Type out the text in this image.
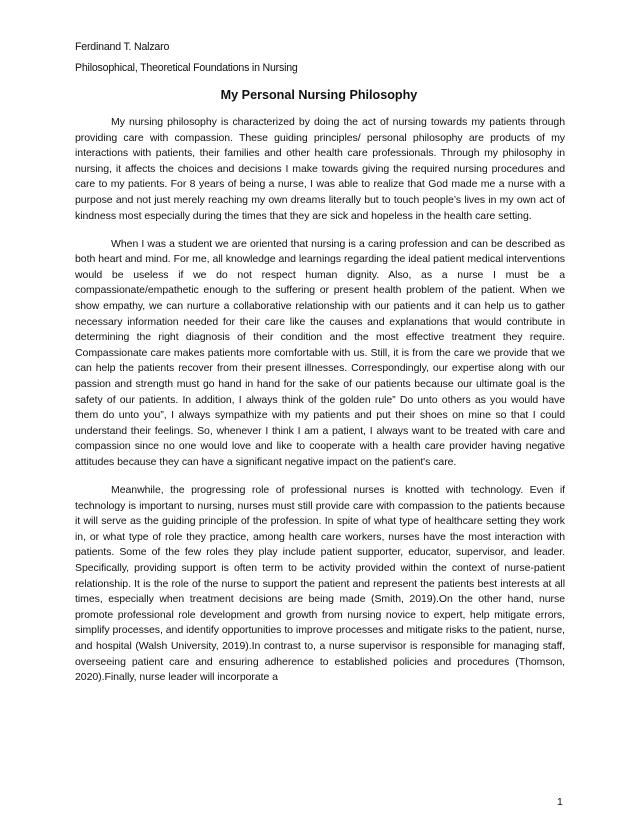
Ferdinand T. Nalzaro
Philosophical, Theoretical Foundations in Nursing
My Personal Nursing Philosophy

My nursing philosophy is characterized by doing the act of nursing towards my patients through providing care with compassion. These guiding principles/ personal philosophy are products of my interactions with patients, their families and other health care professionals. Through my philosophy in nursing, it affects the choices and decisions I make towards giving the required nursing procedures and care to my patients. For 8 years of being a nurse, I was able to realize that God made me a nurse with a purpose and not just merely reaching my own dreams literally but to touch people’s lives in my own act of kindness most especially during the times that they are sick and hopeless in the health care setting.

When I was a student we are oriented that nursing is a caring profession and can be described as both heart and mind. For me, all knowledge and learnings regarding the ideal patient medical interventions would be useless if we do not respect human dignity. Also, as a nurse I must be a compassionate/empathetic enough to the suffering or present health problem of the patient. When we show empathy, we can nurture a collaborative relationship with our patients and it can help us to gather necessary information needed for their care like the causes and explanations that would contribute in determining the right diagnosis of their condition and the most effective treatment they require. Compassionate care makes patients more comfortable with us. Still, it is from the care we provide that we can help the patients recover from their present illnesses. Correspondingly, our expertise along with our passion and strength must go hand in hand for the sake of our patients because our ultimate goal is the safety of our patients. In addition, I always think of the golden rule” Do unto others as you would have them do unto you”, I always sympathize with my patients and put their shoes on mine so that I could understand their feelings. So, whenever I think I am a patient, I always want to be treated with care and compassion since no one would love and like to cooperate with a health care provider having negative attitudes because they can have a significant negative impact on the patient's care.

Meanwhile, the progressing role of professional nurses is knotted with technology. Even if technology is important to nursing, nurses must still provide care with compassion to the patients because it will serve as the guiding principle of the profession. In spite of what type of healthcare setting they work in, or what type of role they practice, among health care workers, nurses have the most interaction with patients. Some of the few roles they play include patient supporter, educator, supervisor, and leader. Specifically, providing support is often term to be activity provided within the context of nurse-patient relationship. It is the role of the nurse to support the patient and represent the patients best interests at all times, especially when treatment decisions are being made (Smith, 2019).On the other hand, nurse promote professional role development and growth from nursing novice to expert, help mitigate errors, simplify processes, and identify opportunities to improve processes and mitigate risks to the patient, nurse, and hospital (Walsh University, 2019).In contrast to, a nurse supervisor is responsible for managing staff, overseeing patient care and ensuring adherence to established policies and procedures (Thomson, 2020).Finally, nurse leader will incorporate a

1
